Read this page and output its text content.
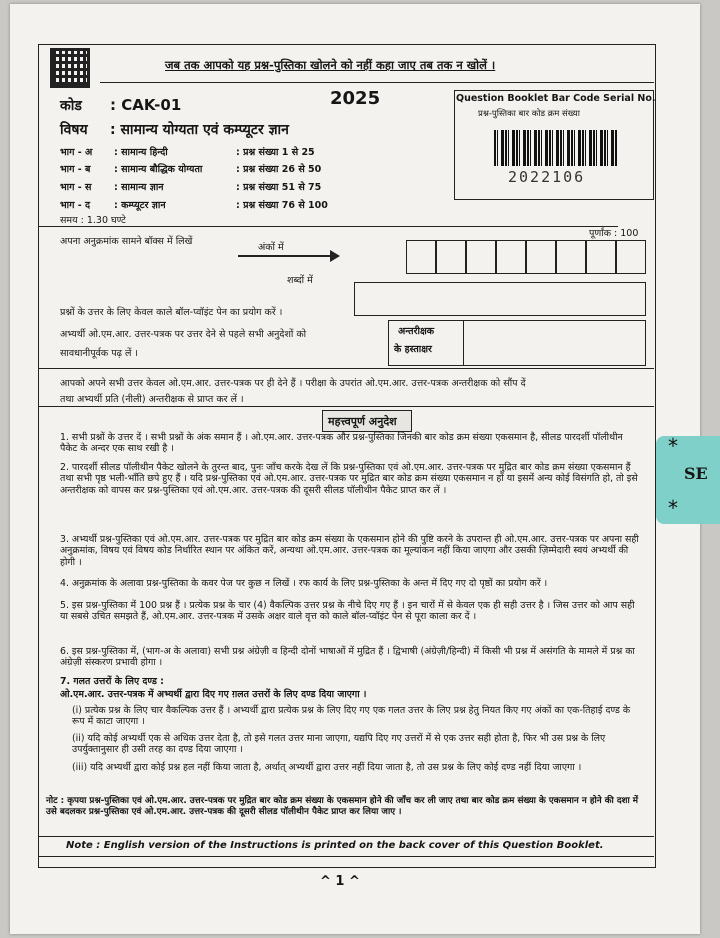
जब तक आपको यह प्रश्न-पुस्तिका खोलने को नहीं कहा जाए तब तक न खोलें ।
कोड : CAK-01	2025
विषय : सामान्य योग्यता एवं कम्प्यूटर ज्ञान
Question Booklet Bar Code Serial No.
प्रश्न-पुस्तिका बार कोड क्रम संख्या
2022106
भाग - अ : सामान्य हिन्दी	: प्रश्न संख्या 1 से 25
भाग - ब : सामान्य बौद्धिक योग्यता	: प्रश्न संख्या 26 से 50
भाग - स : सामान्य ज्ञान	: प्रश्न संख्या 51 से 75
भाग - द	: कम्प्यूटर ज्ञान	: प्रश्न संख्या 76 से 100
समय : 1.30 घण्टे
पूर्णांक : 100
अपना अनुक्रमांक सामने बॉक्स में लिखें
अंकों में
शब्दों में
प्रश्नों के उत्तर के लिए केवल काले बॉल-प्वॉइंट पेन का प्रयोग करें ।
अभ्यर्थी ओ.एम.आर. उत्तर-पत्रक पर उत्तर देने से पहले सभी अनुदेशों को
सावधानीपूर्वक पढ़ लें ।
अन्तरीक्षक
के हस्ताक्षर
आपको अपने सभी उत्तर केवल ओ.एम.आर. उत्तर-पत्रक पर ही देने हैं । परीक्षा के उपरांत ओ.एम.आर. उत्तर-पत्रक अन्तरीक्षक को सौंप दें
तथा अभ्यर्थी प्रति (नीली) अन्तरीक्षक से प्राप्त कर लें ।
महत्त्वपूर्ण अनुदेश
1. सभी प्रश्नों के उत्तर दें । सभी प्रश्नों के अंक समान हैं । ओ.एम.आर. उत्तर-पत्रक और प्रश्न-पुस्तिका जिनकी बार कोड क्रम संख्या एकसमान है, सीलड पारदर्शी पॉलीथीन पैकेट के अन्दर एक साथ रखी है ।
2. पारदर्शी सीलड पॉलीथीन पैकेट खोलने के तुरन्त बाद, पुनः जाँच करके देख लें कि प्रश्न-पुस्तिका एवं ओ.एम.आर. उत्तर-पत्रक पर मुद्रित बार कोड क्रम संख्या एकसमान हैं तथा सभी पृष्ठ भली-भाँति छपे हुए हैं । यदि प्रश्न-पुस्तिका एवं ओ.एम.आर. उत्तर-पत्रक पर मुद्रित बार कोड क्रम संख्या एकसमान न हों या इसमें अन्य कोई विसंगति हो, तो इसे अन्तरीक्षक को वापस कर प्रश्न-पुस्तिका एवं ओ.एम.आर. उत्तर-पत्रक की दूसरी सीलड पॉलीथीन पैकेट प्राप्त कर लें ।
3. अभ्यर्थी प्रश्न-पुस्तिका एवं ओ.एम.आर. उत्तर-पत्रक पर मुद्रित बार कोड क्रम संख्या के एकसमान होने की पुष्टि करने के उपरान्त ही ओ.एम.आर. उत्तर-पत्रक पर अपना सही अनुक्रमांक, विषय एवं विषय कोड निर्धारित स्थान पर अंकित करें, अन्यथा ओ.एम.आर. उत्तर-पत्रक का मूल्यांकन नहीं किया जाएगा और उसकी ज़िम्मेदारी स्वयं अभ्यर्थी की होगी ।
4. अनुक्रमांक के अलावा प्रश्न-पुस्तिका के कवर पेज पर कुछ न लिखें । रफ कार्य के लिए प्रश्न-पुस्तिका के अन्त में दिए गए दो पृष्ठों का प्रयोग करें ।
5. इस प्रश्न-पुस्तिका में 100 प्रश्न हैं । प्रत्येक प्रश्न के चार (4) वैकल्पिक उत्तर प्रश्न के नीचे दिए गए हैं । इन चारों में से केवल एक ही सही उत्तर है । जिस उत्तर को आप सही या सबसे उचित समझते हैं, ओ.एम.आर. उत्तर-पत्रक में उसके अक्षर वाले वृत्त को काले बॉल-प्वॉइंट पेन से पूरा काला कर दें ।
6. इस प्रश्न-पुस्तिका में, (भाग-अ के अलावा) सभी प्रश्न अंग्रेज़ी व हिन्दी दोनों भाषाओं में मुद्रित हैं । द्विभाषी (अंग्रेज़ी/हिन्दी) में किसी भी प्रश्न में असंगति के मामले में प्रश्न का अंग्रेज़ी संस्करण प्रभावी होगा ।
7. गलत उत्तरों के लिए दण्ड :
ओ.एम.आर. उत्तर-पत्रक में अभ्यर्थी द्वारा दिए गए ग़लत उत्तरों के लिए दण्ड दिया जाएगा ।
(i) प्रत्येक प्रश्न के लिए चार वैकल्पिक उत्तर हैं । अभ्यर्थी द्वारा प्रत्येक प्रश्न के लिए दिए गए एक गलत उत्तर के लिए प्रश्न हेतु नियत किए गए अंकों का एक-तिहाई दण्ड के रूप में काटा जाएगा ।
(ii) यदि कोई अभ्यर्थी एक से अधिक उत्तर देता है, तो इसे गलत उत्तर माना जाएगा, यद्यपि दिए गए उत्तरों में से एक उत्तर सही होता है, फिर भी उस प्रश्न के लिए उपर्युक्तानुसार ही उसी तरह का दण्ड दिया जाएगा ।
(iii) यदि अभ्यर्थी द्वारा कोई प्रश्न हल नहीं किया जाता है, अर्थात् अभ्यर्थी द्वारा उत्तर नहीं दिया जाता है, तो उस प्रश्न के लिए कोई दण्ड नहीं दिया जाएगा ।
नोट : कृपया प्रश्न-पुस्तिका एवं ओ.एम.आर. उत्तर-पत्रक पर मुद्रित बार कोड क्रम संख्या के एकसमान होने की जाँच कर ली जाए तथा बार कोड क्रम संख्या के एकसमान न होने की दशा में उसे बदलकर प्रश्न-पुस्तिका एवं ओ.एम.आर. उत्तर-पत्रक की दूसरी सीलड पॉलीथीन पैकेट प्राप्त कर लिया जाए ।
Note : English version of the Instructions is printed on the back cover of this Question Booklet.
^ 1 ^
*
SE
*
